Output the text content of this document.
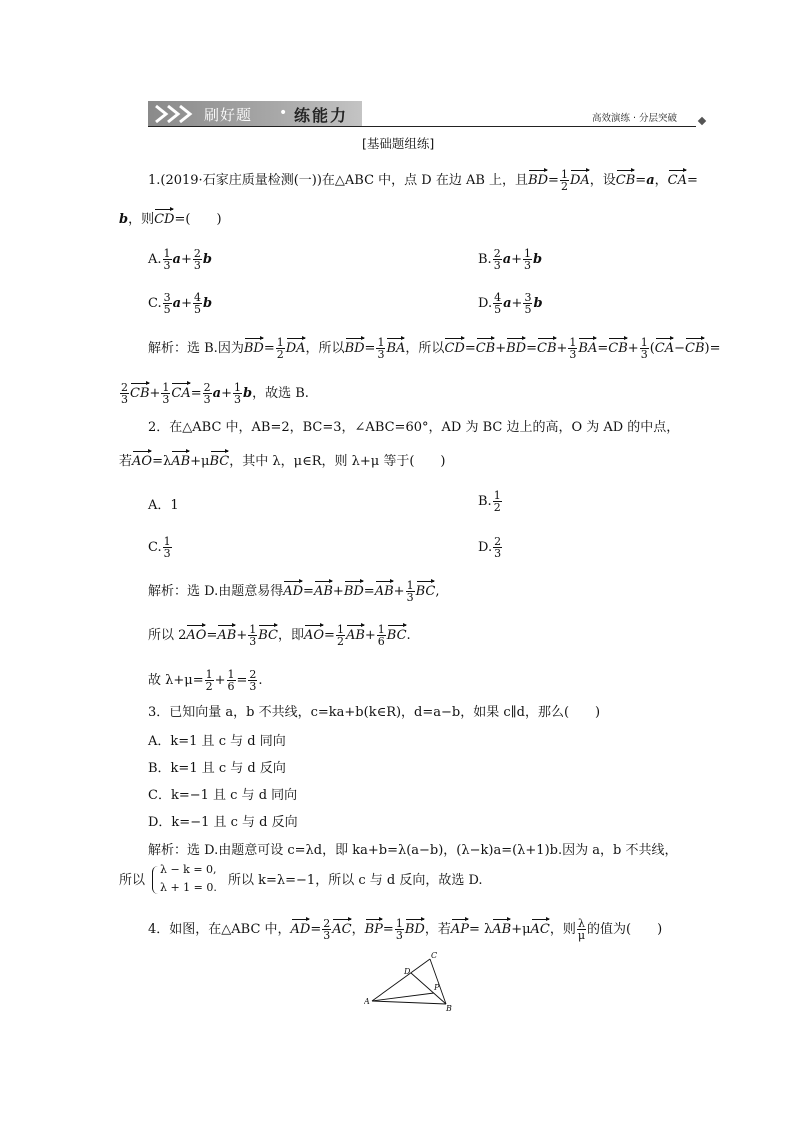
刷好题 • 练能力	高效演练 · 分层突破
[基础题组练]
1.(2019·石家庄质量检测(一))在△ABC 中，点 D 在边 AB 上，且$BD= \frac{1}{2}$ DA，设CB=a，CA=
b，则CD=(　　)
A. $\frac{1}{3} a+ \frac{2}{3}$ b	B. $\frac{2}{3} a+ \frac{1}{3}$ b
C. $\frac{3}{5} a+ \frac{4}{5}$ b	D. $\frac{4}{5} a+ \frac{3}{5}$ b
解析：选 B.因为$BD= \frac{1}{2}$ DA，所以$BD= \frac{1}{3}$ BA，所以$CD=CB+BD=CB+ \frac{1}{3} BA=CB+ \frac{1}{3} (CA-CB)=$
$\frac{2}{3} CB+ \frac{1}{3} CA= \frac{2}{3} a+ \frac{1}{3}$ b，故选 B.
2．在△ABC 中，AB=2，BC=3，∠ABC=60°，AD 为 BC 边上的高，O 为 AD 的中点，
若AO=λAB+μBC，其中 λ，μ∈R，则 λ+μ 等于(　　)
A．1	B. $\frac{1}{2}$
C. $\frac{1}{3}$	D. $\frac{2}{3}$
解析：选 D.由题意易得$AD=AB+BD=AB+ \frac{1}{3}$ BC,
所以 $2AO=AB+ \frac{1}{3}$ BC，即$AO= \frac{1}{2} AB+ \frac{1}{6}$ BC.
故 $\lambda+\mu= \frac{1}{2} + \frac{1}{6} = \frac{2}{3}$ .
3．已知向量 a，b 不共线，c=ka+b(k∈R)，d=a−b，如果 c∥d，那么(　　)
A．k=1 且 c 与 d 同向
B．k=1 且 c 与 d 反向
C．k=−1 且 c 与 d 同向
D．k=−1 且 c 与 d 反向
解析：选 D.由题意可设 c=λd，即 ka+b=λ(a−b)，(λ−k)a=(λ+1)b.因为 a，b 不共线，
所以
λ − k = 0,
λ + 1 = 0. 所以 k=λ=−1，所以 c 与 d 反向，故选 D.
4．如图，在△ABC 中，$AD= \frac{2}{3}$ AC，$BP= \frac{1}{3}$ BD，若AP= λAB+μAC，则 $\frac{\lambda}{\mu}$ 的值为(　　)
A
B
C
D
P
